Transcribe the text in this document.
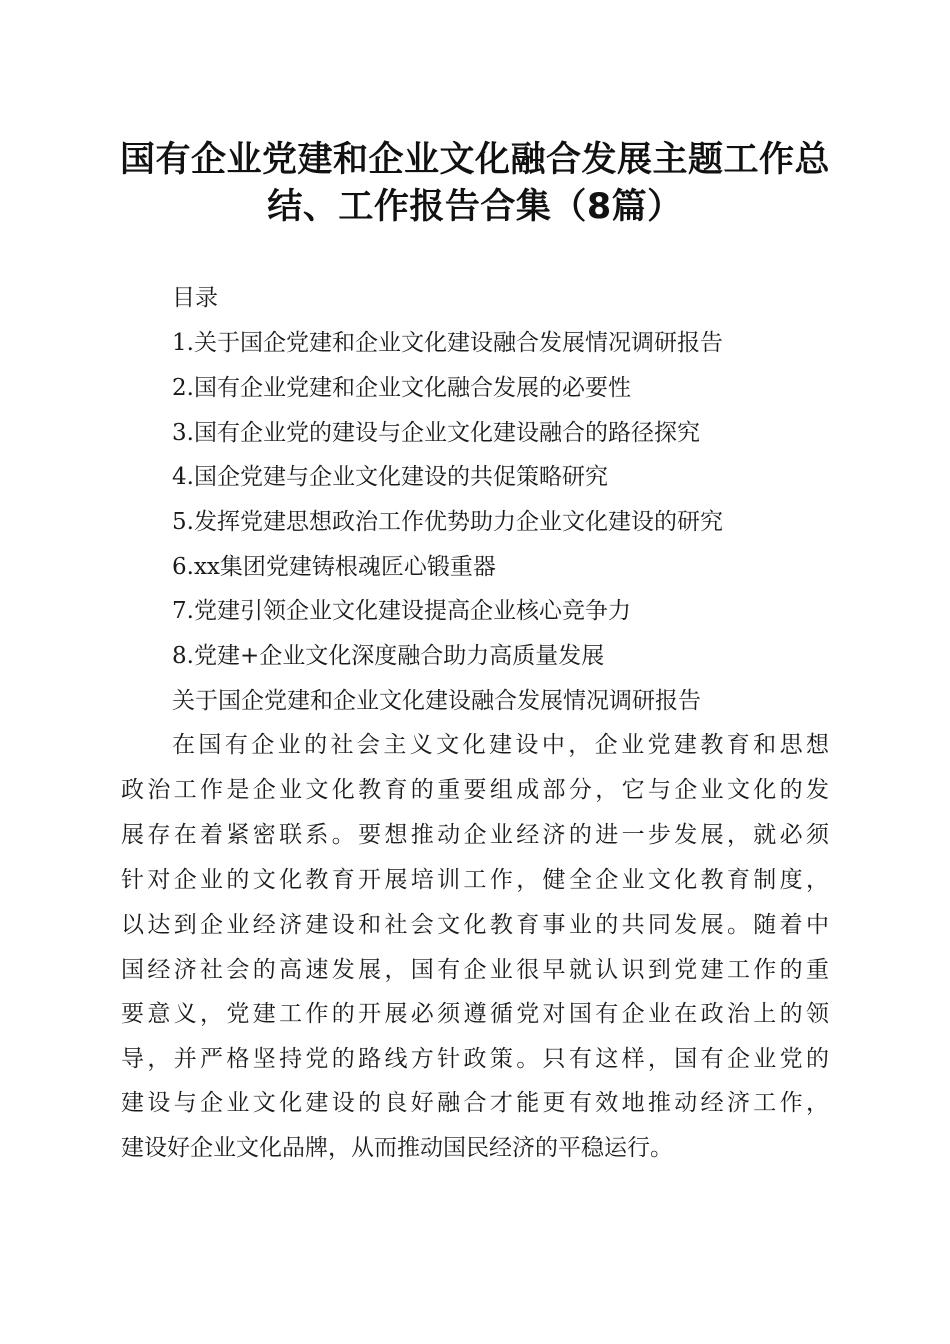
国有企业党建和企业文化融合发展主题工作总
结、工作报告合集（8篇）
目录
1.关于国企党建和企业文化建设融合发展情况调研报告
2.国有企业党建和企业文化融合发展的必要性
3.国有企业党的建设与企业文化建设融合的路径探究
4.国企党建与企业文化建设的共促策略研究
5.发挥党建思想政治工作优势助力企业文化建设的研究
6.xx集团党建铸根魂匠心锻重器
7.党建引领企业文化建设提高企业核心竞争力
8.党建+企业文化深度融合助力高质量发展
关于国企党建和企业文化建设融合发展情况调研报告
在国有企业的社会主义文化建设中，企业党建教育和思想
政治工作是企业文化教育的重要组成部分，它与企业文化的发
展存在着紧密联系。要想推动企业经济的进一步发展，就必须
针对企业的文化教育开展培训工作，健全企业文化教育制度，
以达到企业经济建设和社会文化教育事业的共同发展。随着中
国经济社会的高速发展，国有企业很早就认识到党建工作的重
要意义，党建工作的开展必须遵循党对国有企业在政治上的领
导，并严格坚持党的路线方针政策。只有这样，国有企业党的
建设与企业文化建设的良好融合才能更有效地推动经济工作，
建设好企业文化品牌，从而推动国民经济的平稳运行。
